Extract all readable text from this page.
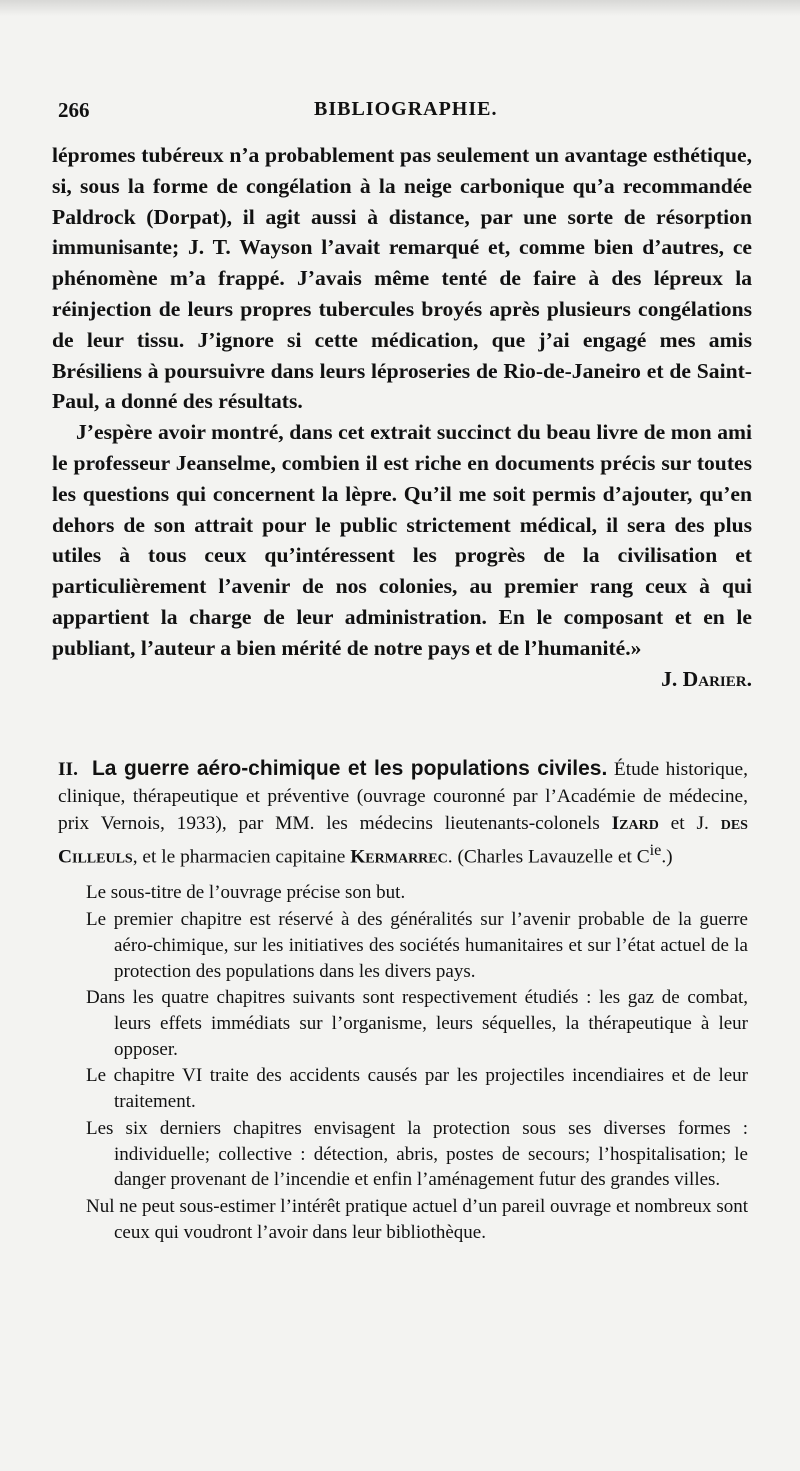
266	BIBLIOGRAPHIE.

lépromes tubéreux n’a probablement pas seulement un avantage esthétique, si, sous la forme de congélation à la neige carbonique qu’a recommandée Paldrock (Dorpat), il agit aussi à distance, par une sorte de résorption immunisante; J. T. Wayson l’avait remarqué et, comme bien d’autres, ce phénomène m’a frappé. J’avais même tenté de faire à des lépreux la réinjection de leurs propres tubercules broyés après plusieurs congélations de leur tissu. J’ignore si cette médication, que j’ai engagé mes amis Brésiliens à poursuivre dans leurs léproseries de Rio-de-Janeiro et de Saint-Paul, a donné des résultats.

J’espère avoir montré, dans cet extrait succinct du beau livre de mon ami le professeur Jeanselme, combien il est riche en documents précis sur toutes les questions qui concernent la lèpre. Qu’il me soit permis d’ajouter, qu’en dehors de son attrait pour le public strictement médical, il sera des plus utiles à tous ceux qu’intéressent les progrès de la civilisation et particulièrement l’avenir de nos colonies, au premier rang ceux à qui appartient la charge de leur administration. En le composant et en le publiant, l’auteur a bien mérité de notre pays et de l’humanité.»
J. Darier.

II. La guerre aéro-chimique et les populations civiles. Étude historique, clinique, thérapeutique et préventive (ouvrage couronné par l’Académie de médecine, prix Vernois, 1933), par MM. les médecins lieutenants-colonels Izard et J. des Cilleuls, et le pharmacien capitaine Kermarrec. (Charles Lavauzelle et $C^{ie}$.)

Le sous-titre de l’ouvrage précise son but.

Le premier chapitre est réservé à des généralités sur l’avenir probable de la guerre aéro-chimique, sur les initiatives des sociétés humanitaires et sur l’état actuel de la protection des populations dans les divers pays.

Dans les quatre chapitres suivants sont respectivement étudiés : les gaz de combat, leurs effets immédiats sur l’organisme, leurs séquelles, la thérapeutique à leur opposer.

Le chapitre VI traite des accidents causés par les projectiles incendiaires et de leur traitement.

Les six derniers chapitres envisagent la protection sous ses diverses formes : individuelle; collective : détection, abris, postes de secours; l’hospitalisation; le danger provenant de l’incendie et enfin l’aménagement futur des grandes villes.

Nul ne peut sous-estimer l’intérêt pratique actuel d’un pareil ouvrage et nombreux sont ceux qui voudront l’avoir dans leur bibliothèque.
